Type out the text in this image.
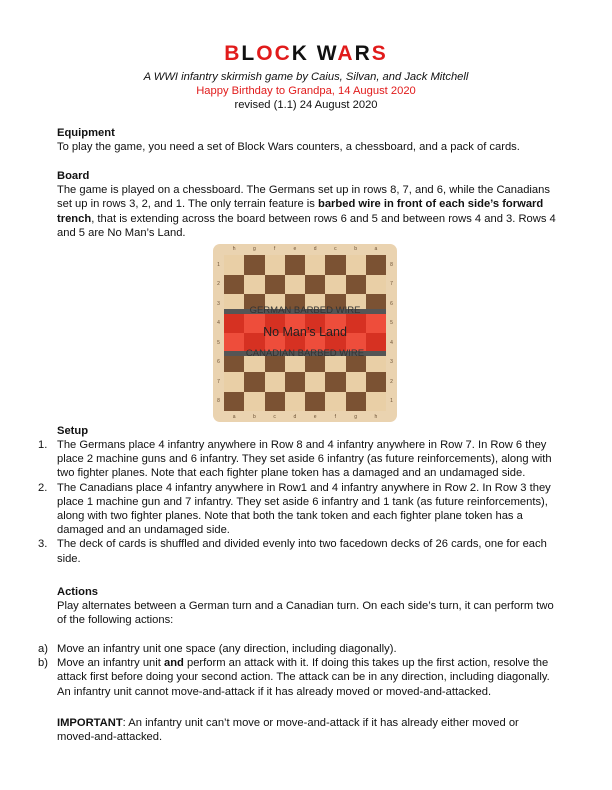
BLOCK WARS
A WWI infantry skirmish game by Caius, Silvan, and Jack Mitchell
Happy Birthday to Grandpa, 14 August 2020
revised (1.1) 24 August 2020
Equipment
To play the game, you need a set of Block Wars counters, a chessboard, and a pack of cards.
Board
The game is played on a chessboard. The Germans set up in rows 8, 7, and 6, while the Canadians set up in rows 3, 2, and 1. The only terrain feature is barbed wire in front of each side’s forward trench, that is extending across the board between rows 6 and 5 and between rows 4 and 3. Rows 4 and 5 are No Man’s Land.
h	g	f	e	d	c	b	a
a	b	c	d	e	f	g	h
1
2
3
4
5
6
7
8
8
7
6
5
4
3
2
1
GERMAN BARBED WIRE
No Man’s Land
CANADIAN BARBED WIRE
Setup
1. The Germans place 4 infantry anywhere in Row 8 and 4 infantry anywhere in Row 7. In Row 6 they place 2 machine guns and 6 infantry. They set aside 6 infantry (as future reinforcements), along with two fighter planes. Note that each fighter plane token has a damaged and an undamaged side.
2. The Canadians place 4 infantry anywhere in Row1 and 4 infantry anywhere in Row 2. In Row 3 they place 1 machine gun and 7 infantry. They set aside 6 infantry and 1 tank (as future reinforcements), along with two fighter planes. Note that both the tank token and each fighter plane token has a damaged and an undamaged side.
3. The deck of cards is shuffled and divided evenly into two facedown decks of 26 cards, one for each side.
Actions
Play alternates between a German turn and a Canadian turn. On each side’s turn, it can perform two of the following actions:
a) Move an infantry unit one space (any direction, including diagonally).
b) Move an infantry unit and perform an attack with it. If doing this takes up the first action, resolve the attack first before doing your second action. The attack can be in any direction, including diagonally. An infantry unit cannot move-and-attack if it has already moved or moved-and-attacked.
IMPORTANT: An infantry unit can’t move or move-and-attack if it has already either moved or moved-and-attacked.
